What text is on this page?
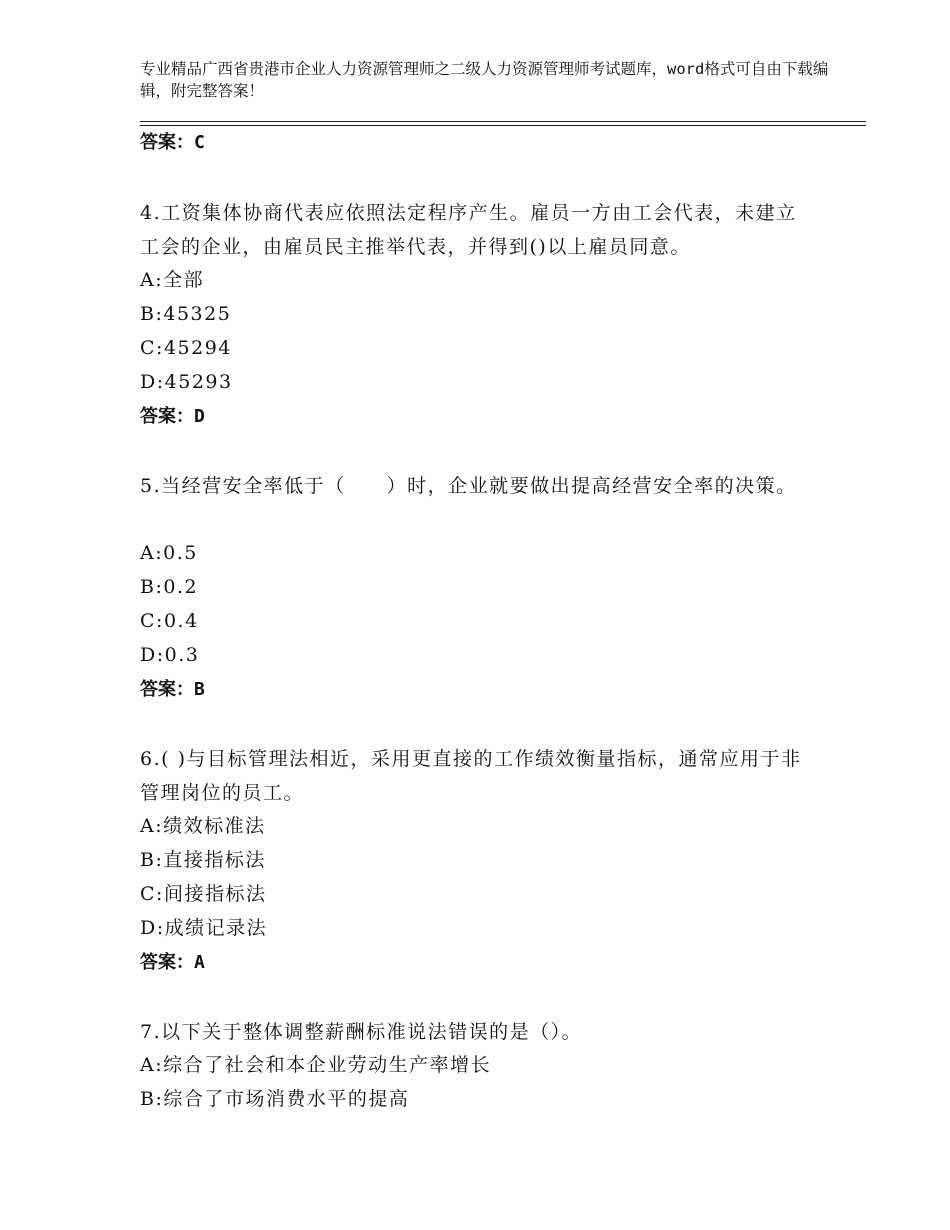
专业精品广西省贵港市企业人力资源管理师之二级人力资源管理师考试题库，word格式可自由下载编辑，附完整答案！
答案：C
4.工资集体协商代表应依照法定程序产生。雇员一方由工会代表，未建立工会的企业，由雇员民主推举代表，并得到()以上雇员同意。
A:全部
B:45325
C:45294
D:45293
答案：D
5.当经营安全率低于（　　）时，企业就要做出提高经营安全率的决策。
A:0.5
B:0.2
C:0.4
D:0.3
答案：B
6.( )与目标管理法相近，采用更直接的工作绩效衡量指标，通常应用于非管理岗位的员工。
A:绩效标准法
B:直接指标法
C:间接指标法
D:成绩记录法
答案：A
7.以下关于整体调整薪酬标准说法错误的是（）。
A:综合了社会和本企业劳动生产率增长
B:综合了市场消费水平的提高
